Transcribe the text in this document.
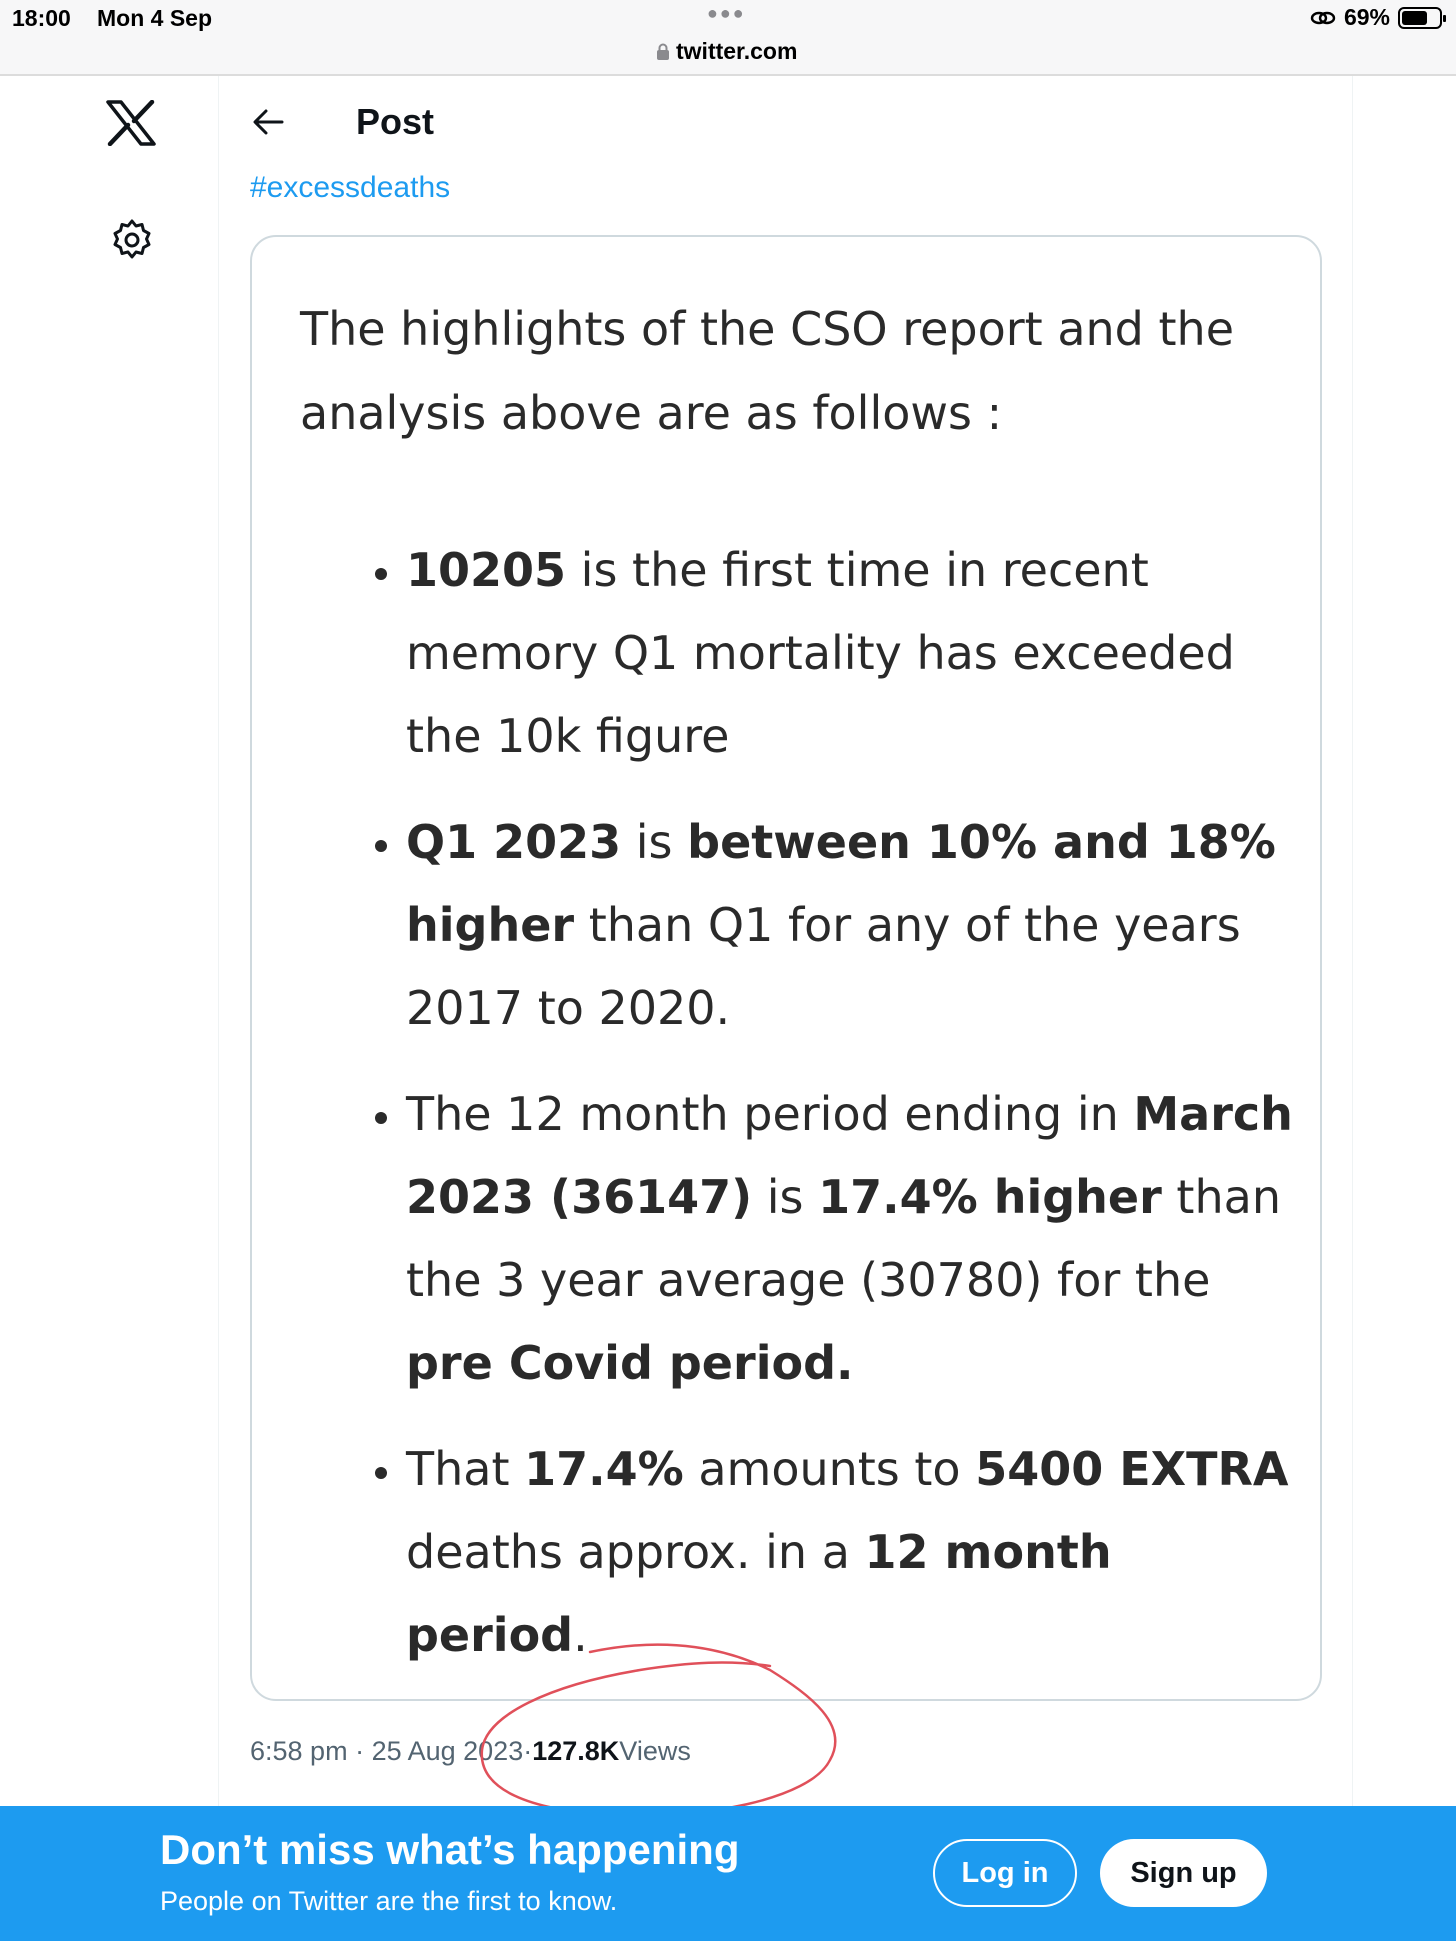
18:00 Mon 4 Sep	●●●
twitter.com
69%
Post
#excessdeaths

The highlights of the CSO report and the analysis above are as follows :

• 10205 is the first time in recent memory Q1 mortality has exceeded the 10k figure
• Q1 2023 is between 10% and 18% higher than Q1 for any of the years 2017 to 2020.
• The 12 month period ending in March 2023 (36147) is 17.4% higher than the 3 year average (30780) for the pre Covid period.
• That 17.4% amounts to 5400 EXTRA deaths approx. in a 12 month period.
6:58 pm · 25 Aug 2023 · 127.8K Views
Don’t miss what’s happening
People on Twitter are the first to know.
Log in	Sign up
